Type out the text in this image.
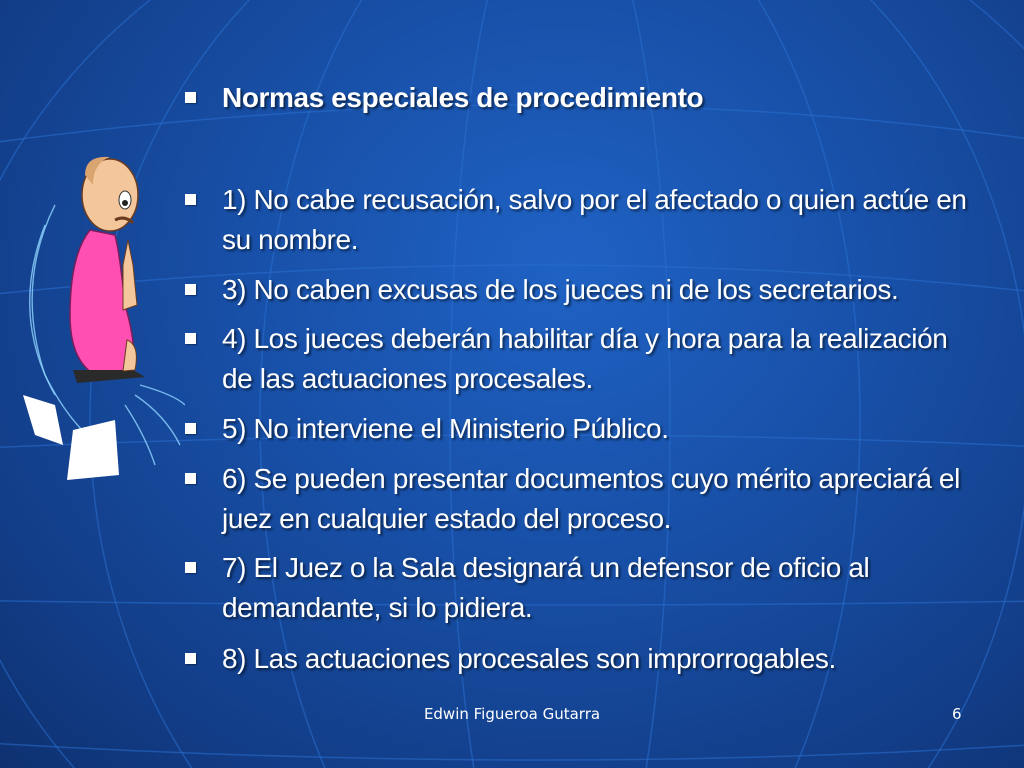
Normas especiales de procedimiento
1) No cabe recusación, salvo por el afectado o quien actúe en su nombre.
3) No caben excusas de los jueces ni de los secretarios.
4) Los jueces deberán habilitar día y hora para la realización de las actuaciones procesales.
5) No interviene el Ministerio Público.
6) Se pueden presentar documentos cuyo mérito apreciará el juez en cualquier estado del proceso.
7) El Juez o la Sala designará un defensor de oficio al demandante, si lo pidiera.
8) Las actuaciones procesales son improrrogables.
Edwin Figueroa Gutarra	6
